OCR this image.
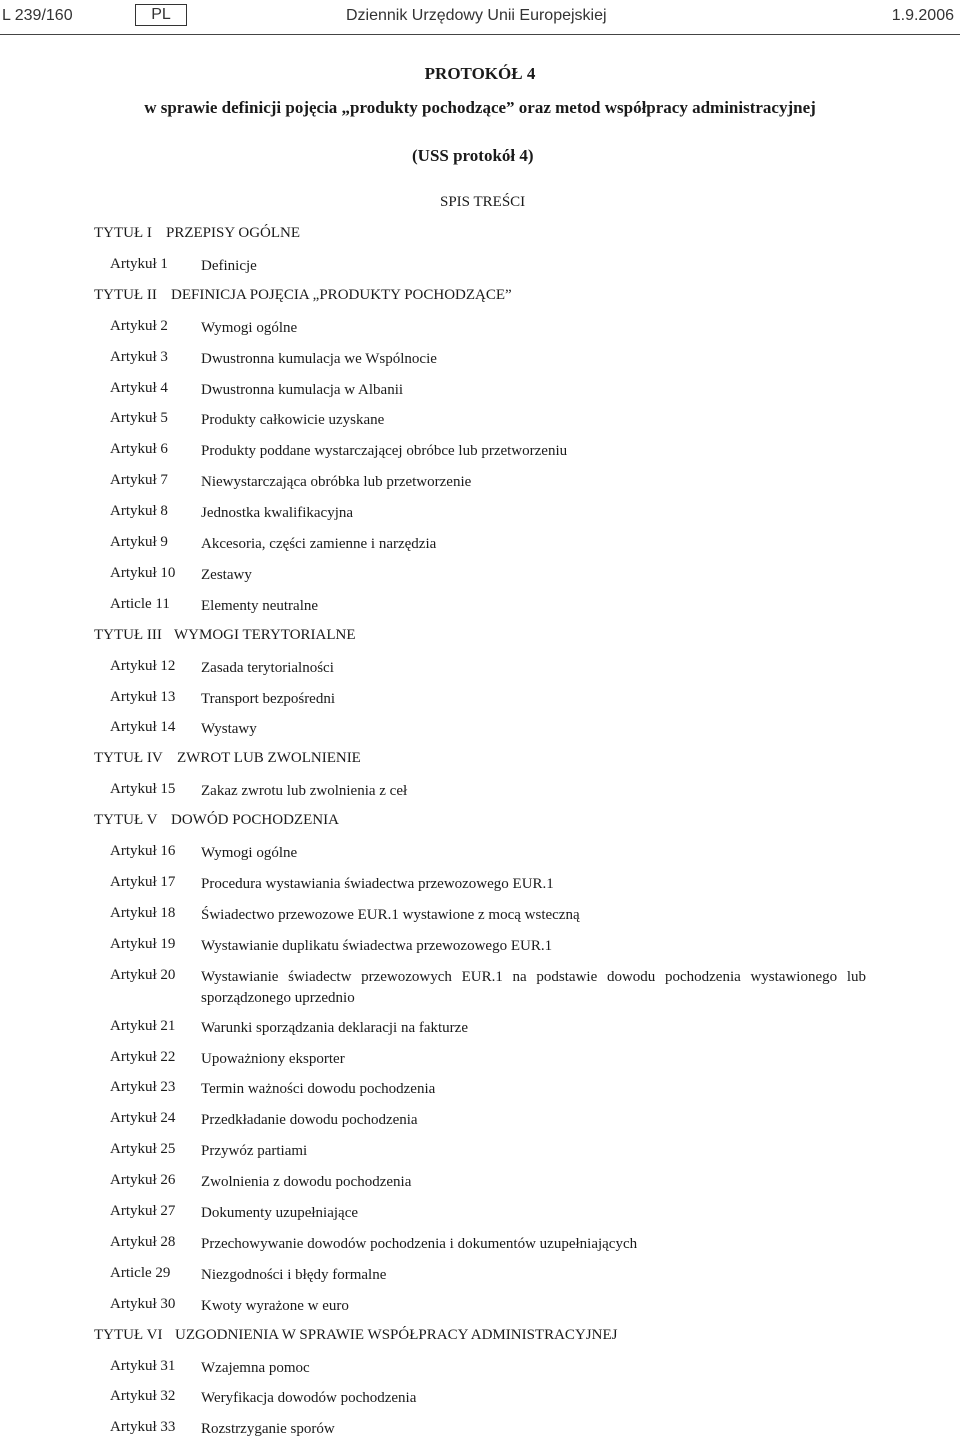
L 239/160	PL	Dziennik Urzędowy Unii Europejskiej	1.9.2006
PROTOKÓŁ 4
w sprawie definicji pojęcia „produkty pochodzące” oraz metod współpracy administracyjnej
(USS protokół 4)
SPIS TREŚCI
TYTUŁ I PRZEPISY OGÓLNE
Artykuł 1 Definicje
TYTUŁ II DEFINICJA POJĘCIA „PRODUKTY POCHODZĄCE”
Artykuł 2 Wymogi ogólne
Artykuł 3 Dwustronna kumulacja we Wspólnocie
Artykuł 4 Dwustronna kumulacja w Albanii
Artykuł 5 Produkty całkowicie uzyskane
Artykuł 6 Produkty poddane wystarczającej obróbce lub przetworzeniu
Artykuł 7 Niewystarczająca obróbka lub przetworzenie
Artykuł 8 Jednostka kwalifikacyjna
Artykuł 9 Akcesoria, części zamienne i narzędzia
Artykuł 10 Zestawy
Article 11 Elementy neutralne
TYTUŁ III WYMOGI TERYTORIALNE
Artykuł 12 Zasada terytorialności
Artykuł 13 Transport bezpośredni
Artykuł 14 Wystawy
TYTUŁ IV ZWROT LUB ZWOLNIENIE
Artykuł 15 Zakaz zwrotu lub zwolnienia z ceł
TYTUŁ V DOWÓD POCHODZENIA
Artykuł 16 Wymogi ogólne
Artykuł 17 Procedura wystawiania świadectwa przewozowego EUR.1
Artykuł 18 Świadectwo przewozowe EUR.1 wystawione z mocą wsteczną
Artykuł 19 Wystawianie duplikatu świadectwa przewozowego EUR.1
Artykuł 20 Wystawianie świadectw przewozowych EUR.1 na podstawie dowodu pochodzenia wystawionego lub sporządzonego uprzednio
Artykuł 21 Warunki sporządzania deklaracji na fakturze
Artykuł 22 Upoważniony eksporter
Artykuł 23 Termin ważności dowodu pochodzenia
Artykuł 24 Przedkładanie dowodu pochodzenia
Artykuł 25 Przywóz partiami
Artykuł 26 Zwolnienia z dowodu pochodzenia
Artykuł 27 Dokumenty uzupełniające
Artykuł 28 Przechowywanie dowodów pochodzenia i dokumentów uzupełniających
Article 29 Niezgodności i błędy formalne
Artykuł 30 Kwoty wyrażone w euro
TYTUŁ VI UZGODNIENIA W SPRAWIE WSPÓŁPRACY ADMINISTRACYJNEJ
Artykuł 31 Wzajemna pomoc
Artykuł 32 Weryfikacja dowodów pochodzenia
Artykuł 33 Rozstrzyganie sporów
